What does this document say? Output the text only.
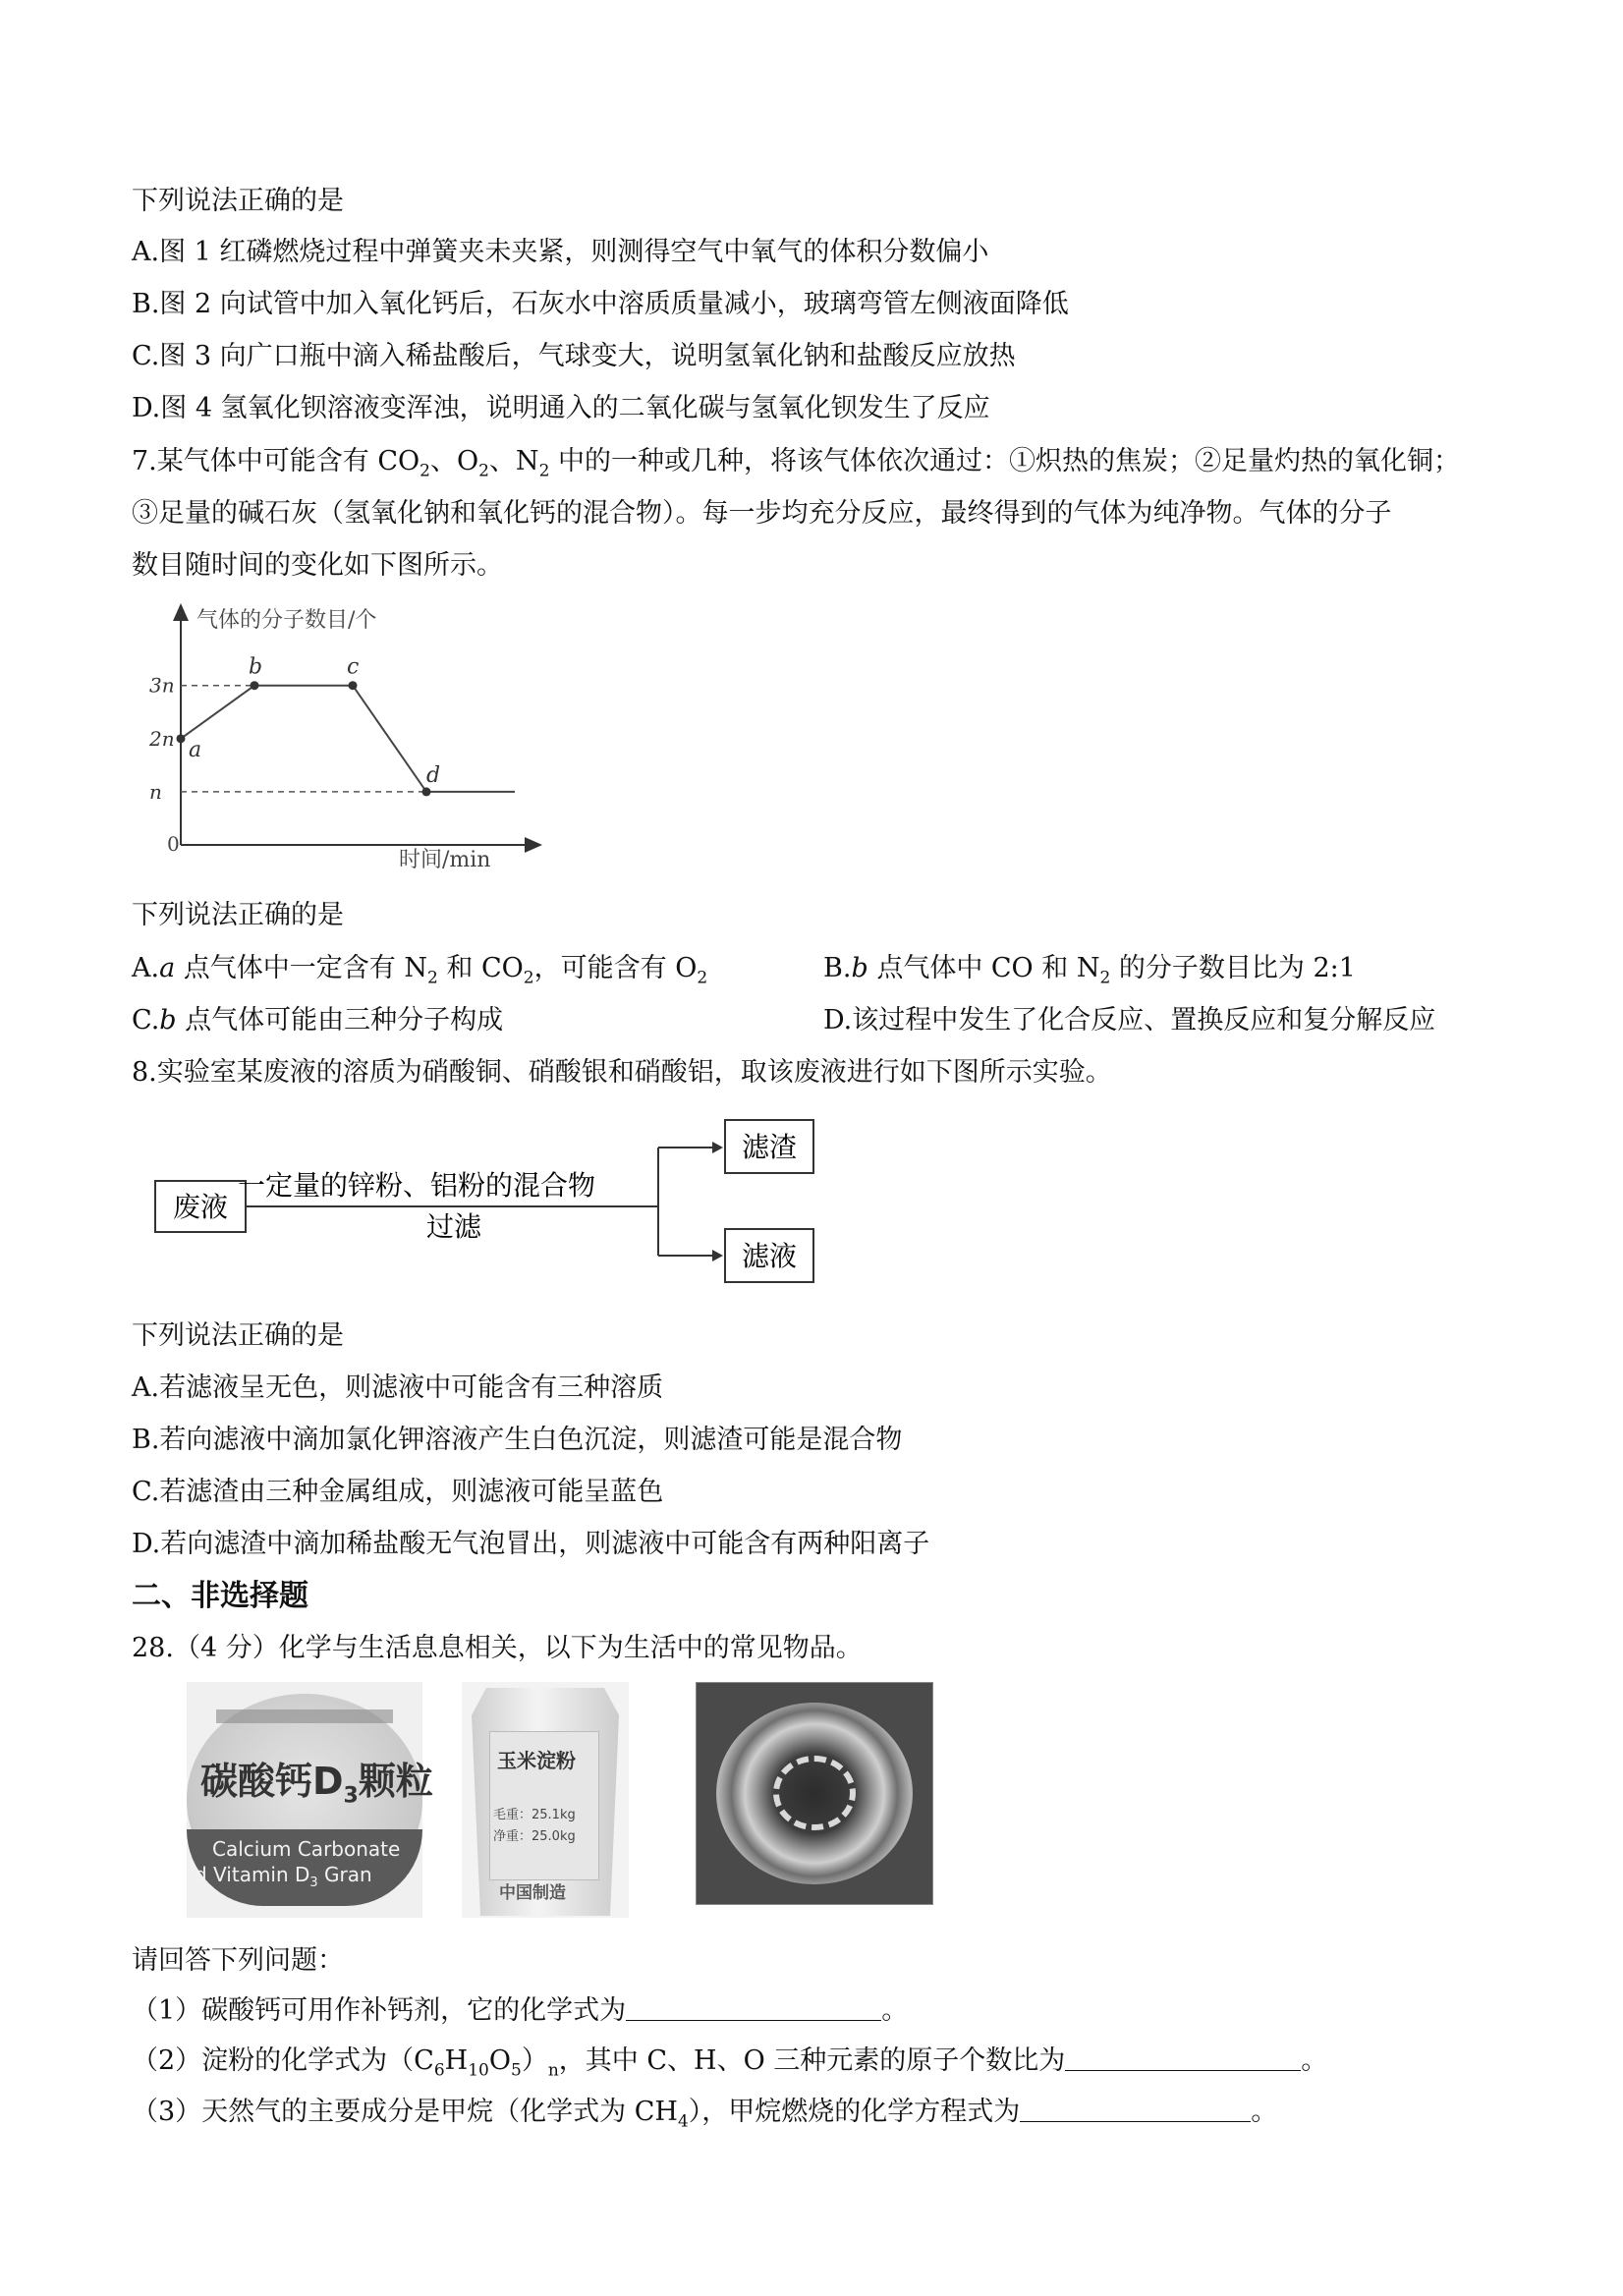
下列说法正确的是
A.图 1 红磷燃烧过程中弹簧夹未夹紧，则测得空气中氧气的体积分数偏小
B.图 2 向试管中加入氧化钙后，石灰水中溶质质量减小，玻璃弯管左侧液面降低
C.图 3 向广口瓶中滴入稀盐酸后，气球变大，说明氢氧化钠和盐酸反应放热
D.图 4 氢氧化钡溶液变浑浊，说明通入的二氧化碳与氢氧化钡发生了反应
7.某气体中可能含有 $CO_2$、$O_2$、$N_2$ 中的一种或几种，将该气体依次通过：①炽热的焦炭；②足量灼热的氧化铜；
③足量的碱石灰（氢氧化钠和氧化钙的混合物）。每一步均充分反应，最终得到的气体为纯净物。气体的分子
数目随时间的变化如下图所示。
气体的分子数目/个
时间/min
0
n
2n
3n
a
b	c
d
下列说法正确的是
A.a 点气体中一定含有 $N_2$ 和 $CO_2$，可能含有 $O_2$	B.b 点气体中 CO 和 $N_2$ 的分子数目比为 2:1
C.b 点气体可能由三种分子构成	D.该过程中发生了化合反应、置换反应和复分解反应
8.实验室某废液的溶质为硝酸铜、硝酸银和硝酸铝，取该废液进行如下图所示实验。
废液
一定量的锌粉、铝粉的混合物
过滤
滤渣
滤液
下列说法正确的是
A.若滤液呈无色，则滤液中可能含有三种溶质
B.若向滤液中滴加氯化钾溶液产生白色沉淀，则滤渣可能是混合物
C.若滤渣由三种金属组成，则滤液可能呈蓝色
D.若向滤渣中滴加稀盐酸无气泡冒出，则滤液中可能含有两种阳离子
二、非选择题
28.（4 分）化学与生活息息相关，以下为生活中的常见物品。
碳酸钙$D_3$颗粒
Calcium Carbonate
d Vitamin $D_3$ Gran
玉米淀粉
毛重：25.1kg
净重：25.0kg
中国制造
请回答下列问题：
（1）碳酸钙可用作补钙剂，它的化学式为	。
（2）淀粉的化学式为$(C_6H_{10}O_5)_n$，其中 C、H、O 三种元素的原子个数比为	。
（3）天然气的主要成分是甲烷（化学式为 $CH_4$），甲烷燃烧的化学方程式为	。
